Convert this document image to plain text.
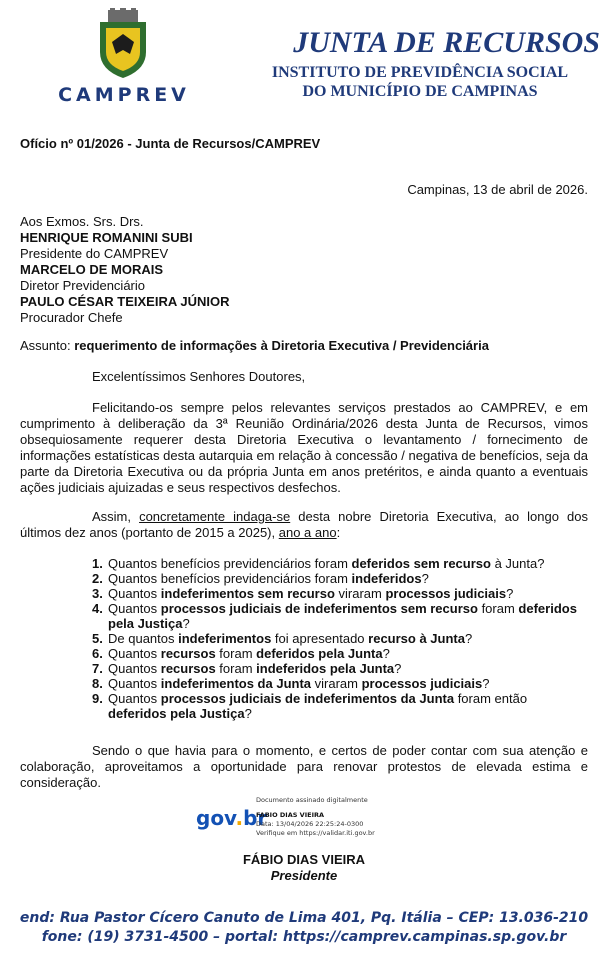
CAMPREV
JUNTA DE RECURSOS
INSTITUTO DE PREVIDÊNCIA SOCIAL
DO MUNICÍPIO DE CAMPINAS
Ofício nº 01/2026 - Junta de Recursos/CAMPREV
Campinas, 13 de abril de 2026.
Aos Exmos. Srs. Drs.
HENRIQUE ROMANINI SUBI
Presidente do CAMPREV
MARCELO DE MORAIS
Diretor Previdenciário
PAULO CÉSAR TEIXEIRA JÚNIOR
Procurador Chefe
Assunto: requerimento de informações à Diretoria Executiva / Previdenciária
Excelentíssimos Senhores Doutores,
Felicitando-os sempre pelos relevantes serviços prestados ao CAMPREV, e em cumprimento à deliberação da 3ª Reunião Ordinária/2026 desta Junta de Recursos, vimos obsequiosamente requerer desta Diretoria Executiva o levantamento / fornecimento de informações estatísticas desta autarquia em relação à concessão / negativa de benefícios, seja da parte da Diretoria Executiva ou da própria Junta em anos pretéritos, e ainda quanto a eventuais ações judiciais ajuizadas e seus respectivos desfechos.
Assim, concretamente indaga-se desta nobre Diretoria Executiva, ao longo dos últimos dez anos (portanto de 2015 a 2025), ano a ano:
1. Quantos benefícios previdenciários foram deferidos sem recurso à Junta?
2. Quantos benefícios previdenciários foram indeferidos?
3. Quantos indeferimentos sem recurso viraram processos judiciais?
4. Quantos processos judiciais de indeferimentos sem recurso foram deferidos pela Justiça?
5. De quantos indeferimentos foi apresentado recurso à Junta?
6. Quantos recursos foram deferidos pela Junta?
7. Quantos recursos foram indeferidos pela Junta?
8. Quantos indeferimentos da Junta viraram processos judiciais?
9. Quantos processos judiciais de indeferimentos da Junta foram então deferidos pela Justiça?
Sendo o que havia para o momento, e certos de poder contar com sua atenção e colaboração, aproveitamos a oportunidade para renovar protestos de elevada estima e consideração.
Documento assinado digitalmente
gov.br
FABIO DIAS VIEIRA
Data: 13/04/2026 22:25:24-0300
Verifique em https://validar.iti.gov.br
FÁBIO DIAS VIEIRA
Presidente
end: Rua Pastor Cícero Canuto de Lima 401, Pq. Itália – CEP: 13.036-210
fone: (19) 3731-4500 – portal: https://camprev.campinas.sp.gov.br
